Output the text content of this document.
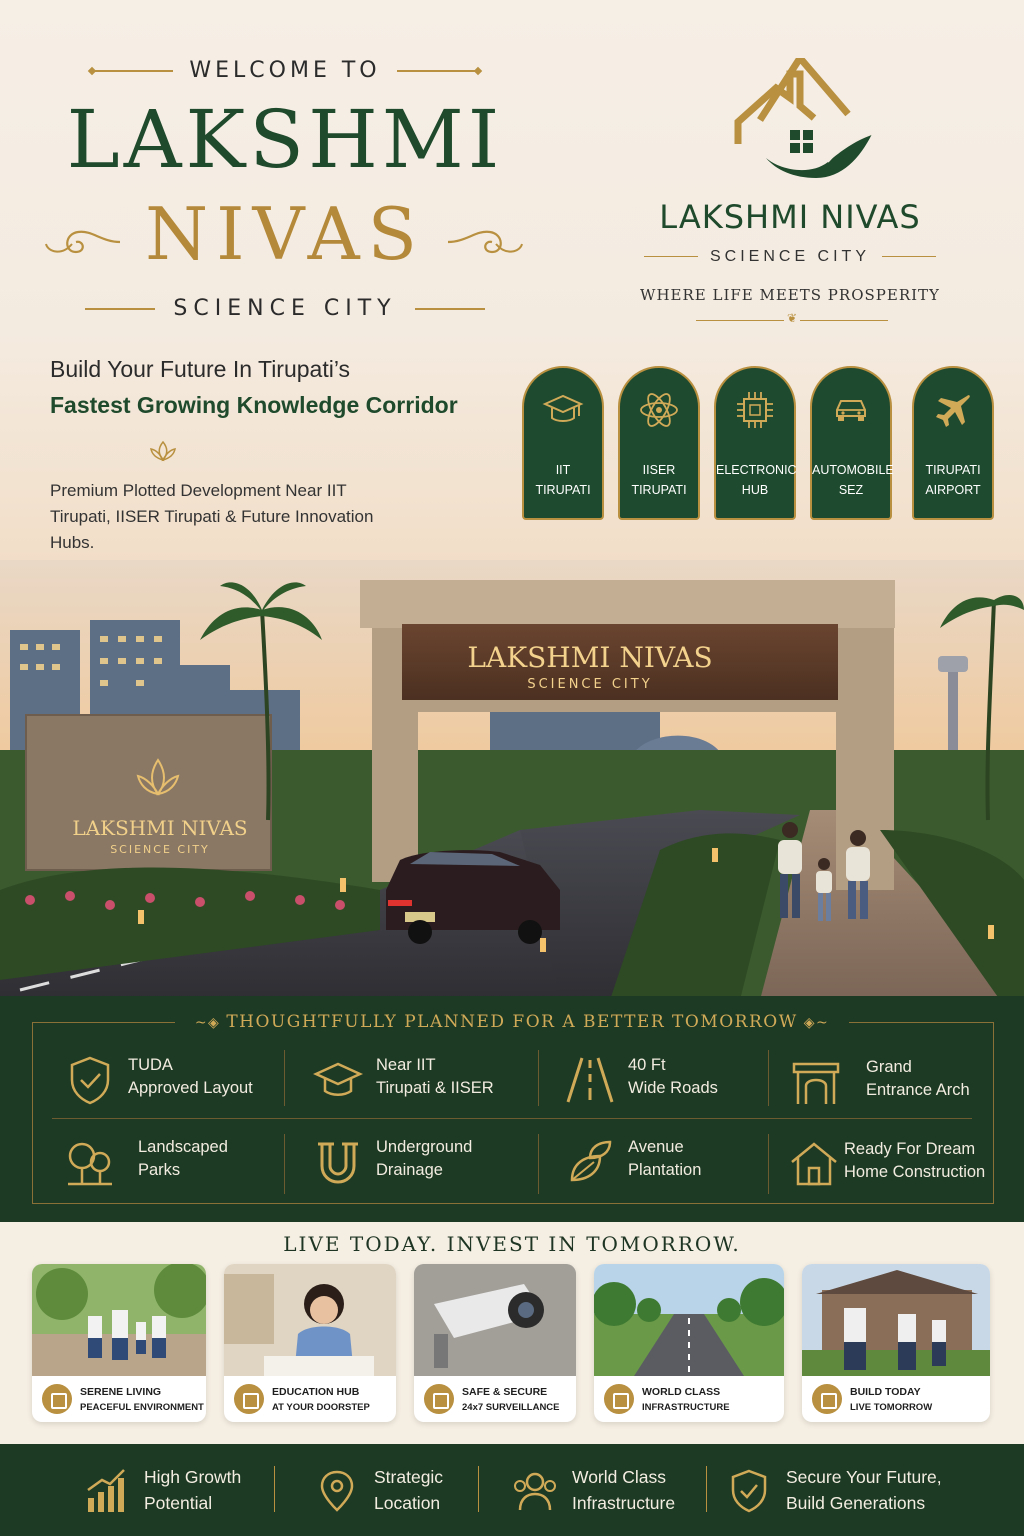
WELCOME TO
LAKSHMI
NIVAS
SCIENCE CITY
Build Your Future In Tirupati’s
Fastest Growing Knowledge Corridor
Premium Plotted Development Near IIT Tirupati, IISER Tirupati & Future Innovation Hubs.
LAKSHMI NIVAS
SCIENCE CITY
WHERE LIFE MEETS PROSPERITY
❦
IIT
TIRUPATI
IISER
TIRUPATI
ELECTRONIC
HUB
AUTOMOBILE
SEZ
TIRUPATI
AIRPORT
LAKSHMI NIVAS
SCIENCE CITY
LAKSHMI NIVAS
SCIENCE CITY
~◈ THOUGHTFULLY PLANNED FOR A BETTER TOMORROW ◈~
TUDA
Approved Layout
Near IIT
Tirupati & IISER
40 Ft
Wide Roads
Grand
Entrance Arch
Landscaped
Parks
Underground
Drainage
Avenue
Plantation
Ready For Dream
Home Construction
LIVE TODAY. INVEST IN TOMORROW.
SERENE LIVING
PEACEFUL ENVIRONMENT
EDUCATION HUB
AT YOUR DOORSTEP
SAFE & SECURE
24x7 SURVEILLANCE
WORLD CLASS
INFRASTRUCTURE
BUILD TODAY
LIVE TOMORROW
High Growth
Potential
Strategic
Location
World Class
Infrastructure
Secure Your Future,
Build Generations
